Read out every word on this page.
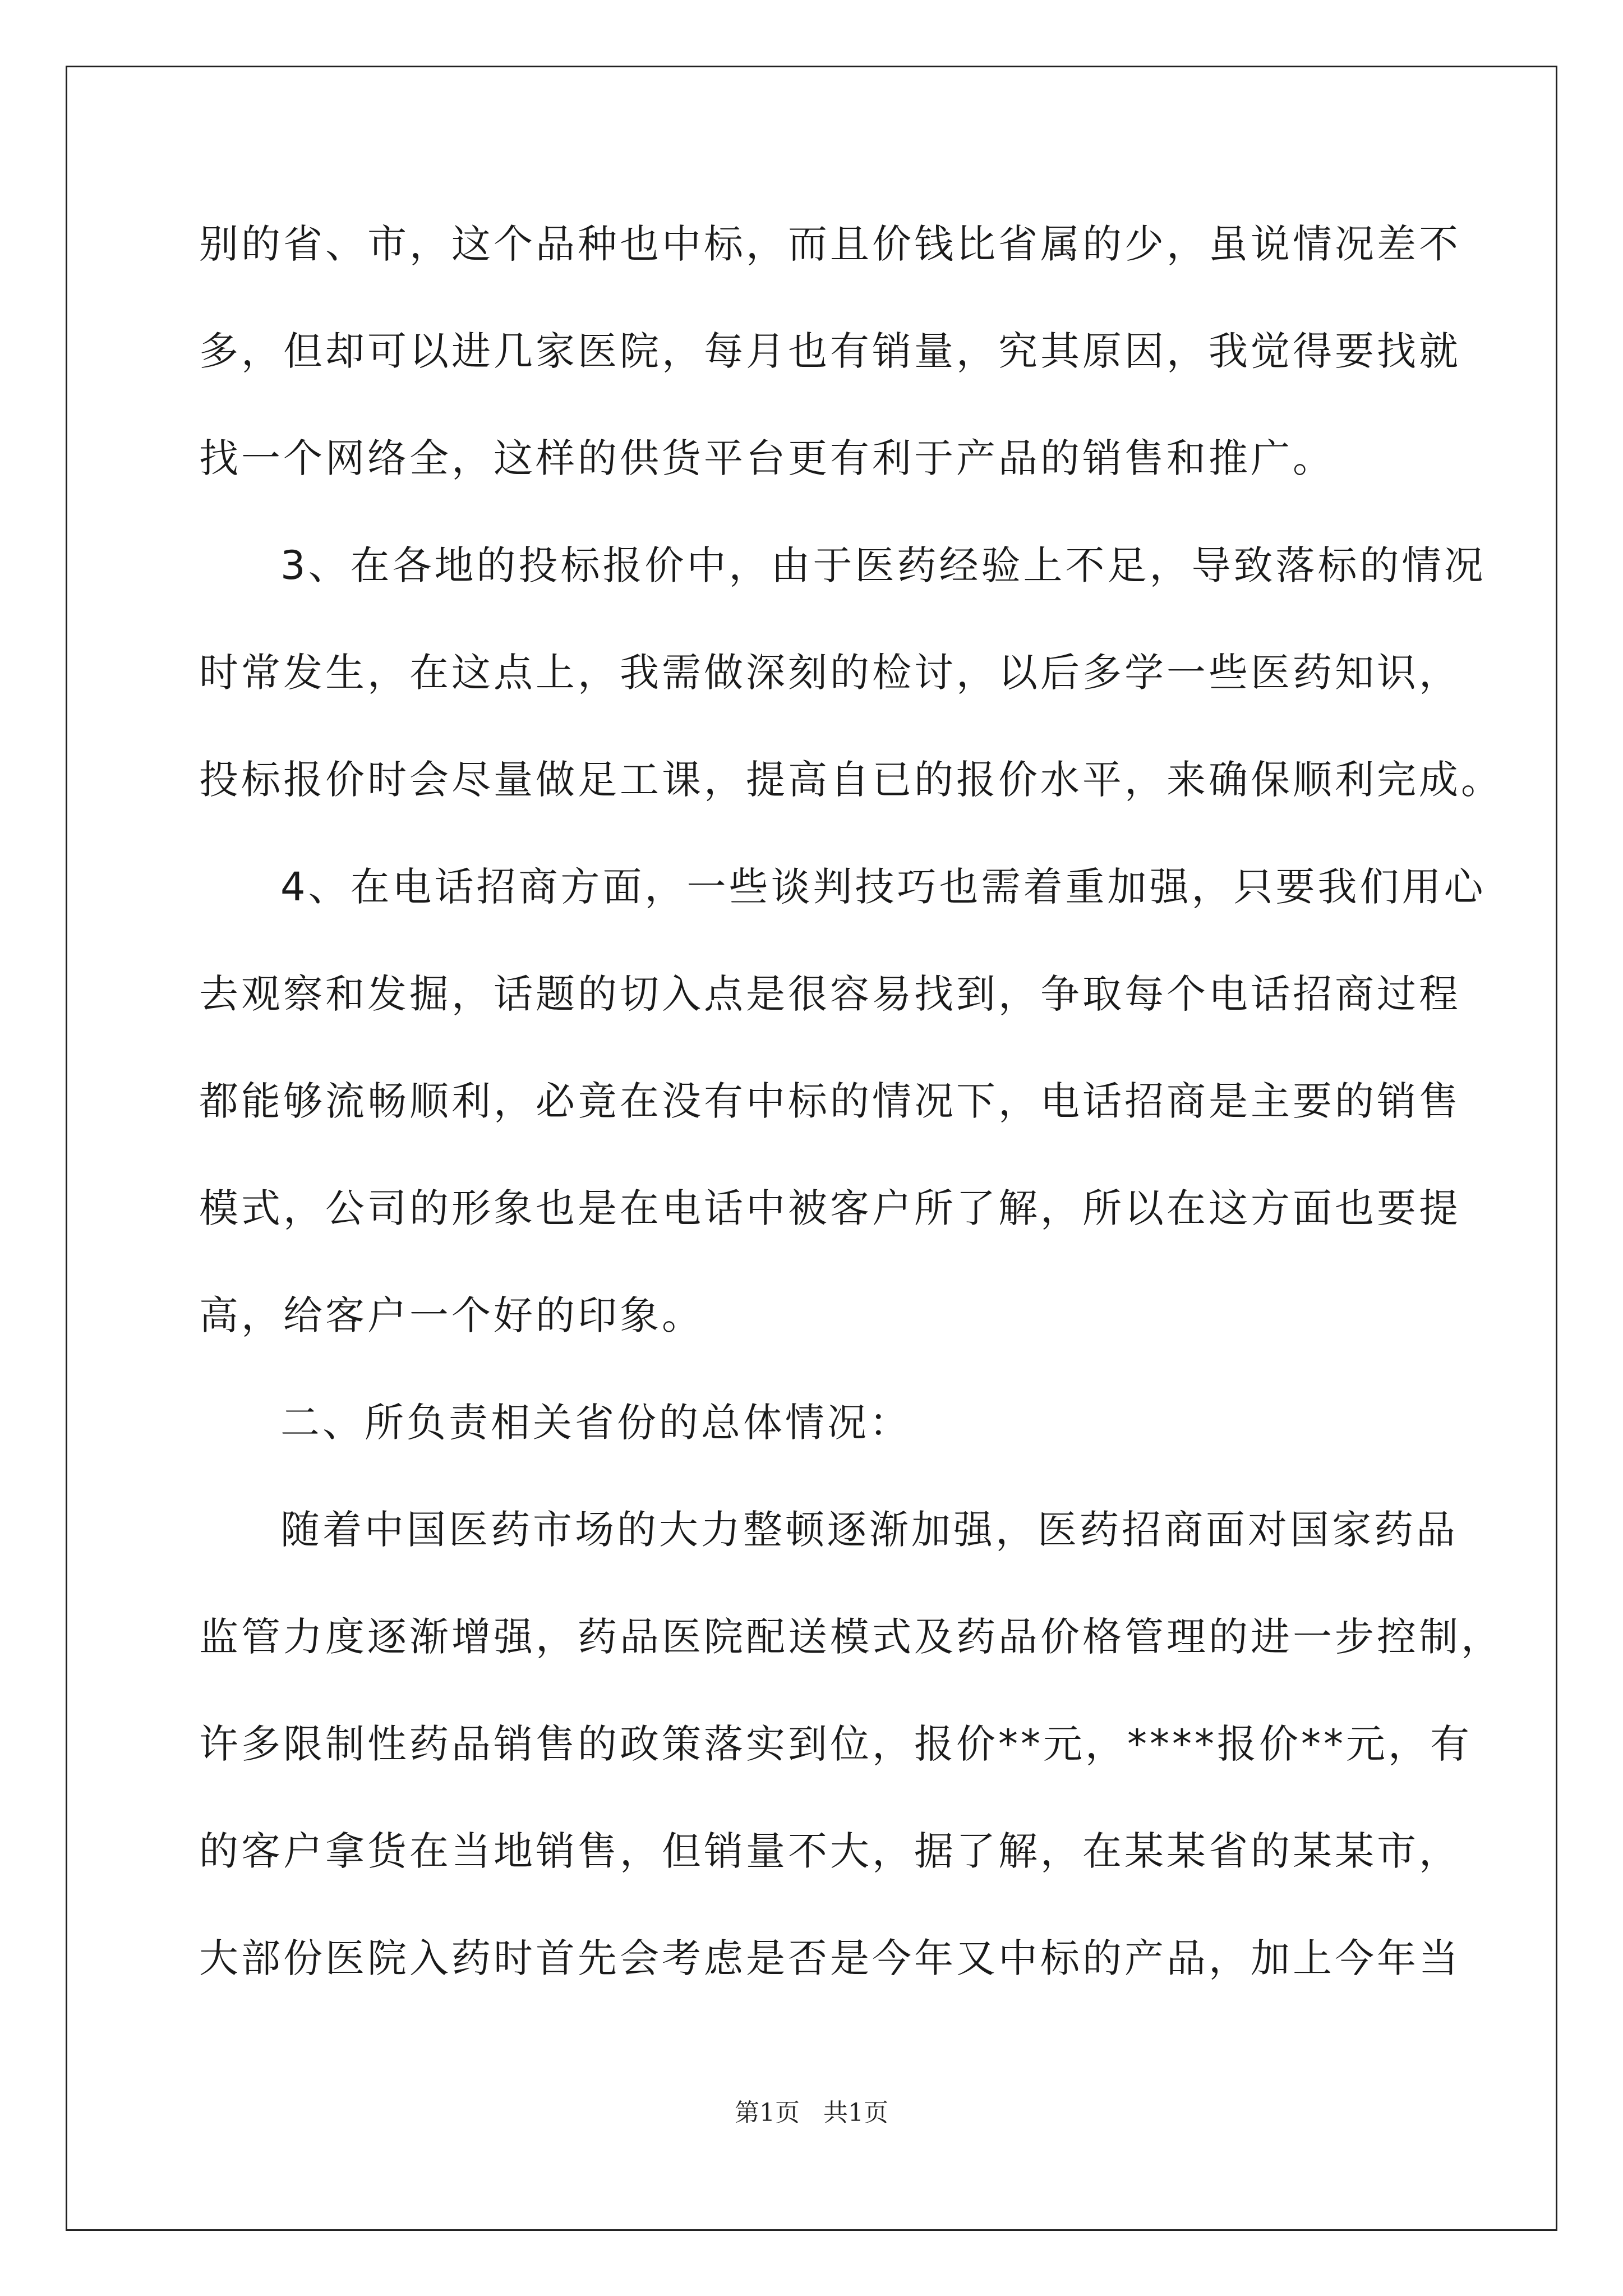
别的省、市，这个品种也中标，而且价钱比省属的少，虽说情况差不
多，但却可以进几家医院，每月也有销量，究其原因，我觉得要找就
找一个网络全，这样的供货平台更有利于产品的销售和推广。
3、在各地的投标报价中，由于医药经验上不足，导致落标的情况
时常发生，在这点上，我需做深刻的检讨，以后多学一些医药知识，
投标报价时会尽量做足工课，提高自已的报价水平，来确保顺利完成。
4、在电话招商方面，一些谈判技巧也需着重加强，只要我们用心
去观察和发掘，话题的切入点是很容易找到，争取每个电话招商过程
都能够流畅顺利，必竟在没有中标的情况下，电话招商是主要的销售
模式，公司的形象也是在电话中被客户所了解，所以在这方面也要提
高，给客户一个好的印象。
二、所负责相关省份的总体情况：
随着中国医药市场的大力整顿逐渐加强，医药招商面对国家药品
监管力度逐渐增强，药品医院配送模式及药品价格管理的进一步控制，
许多限制性药品销售的政策落实到位，报价**元，****报价**元，有
的客户拿货在当地销售，但销量不大，据了解，在某某省的某某市，
大部份医院入药时首先会考虑是否是今年又中标的产品，加上今年当
第1页   共1页
